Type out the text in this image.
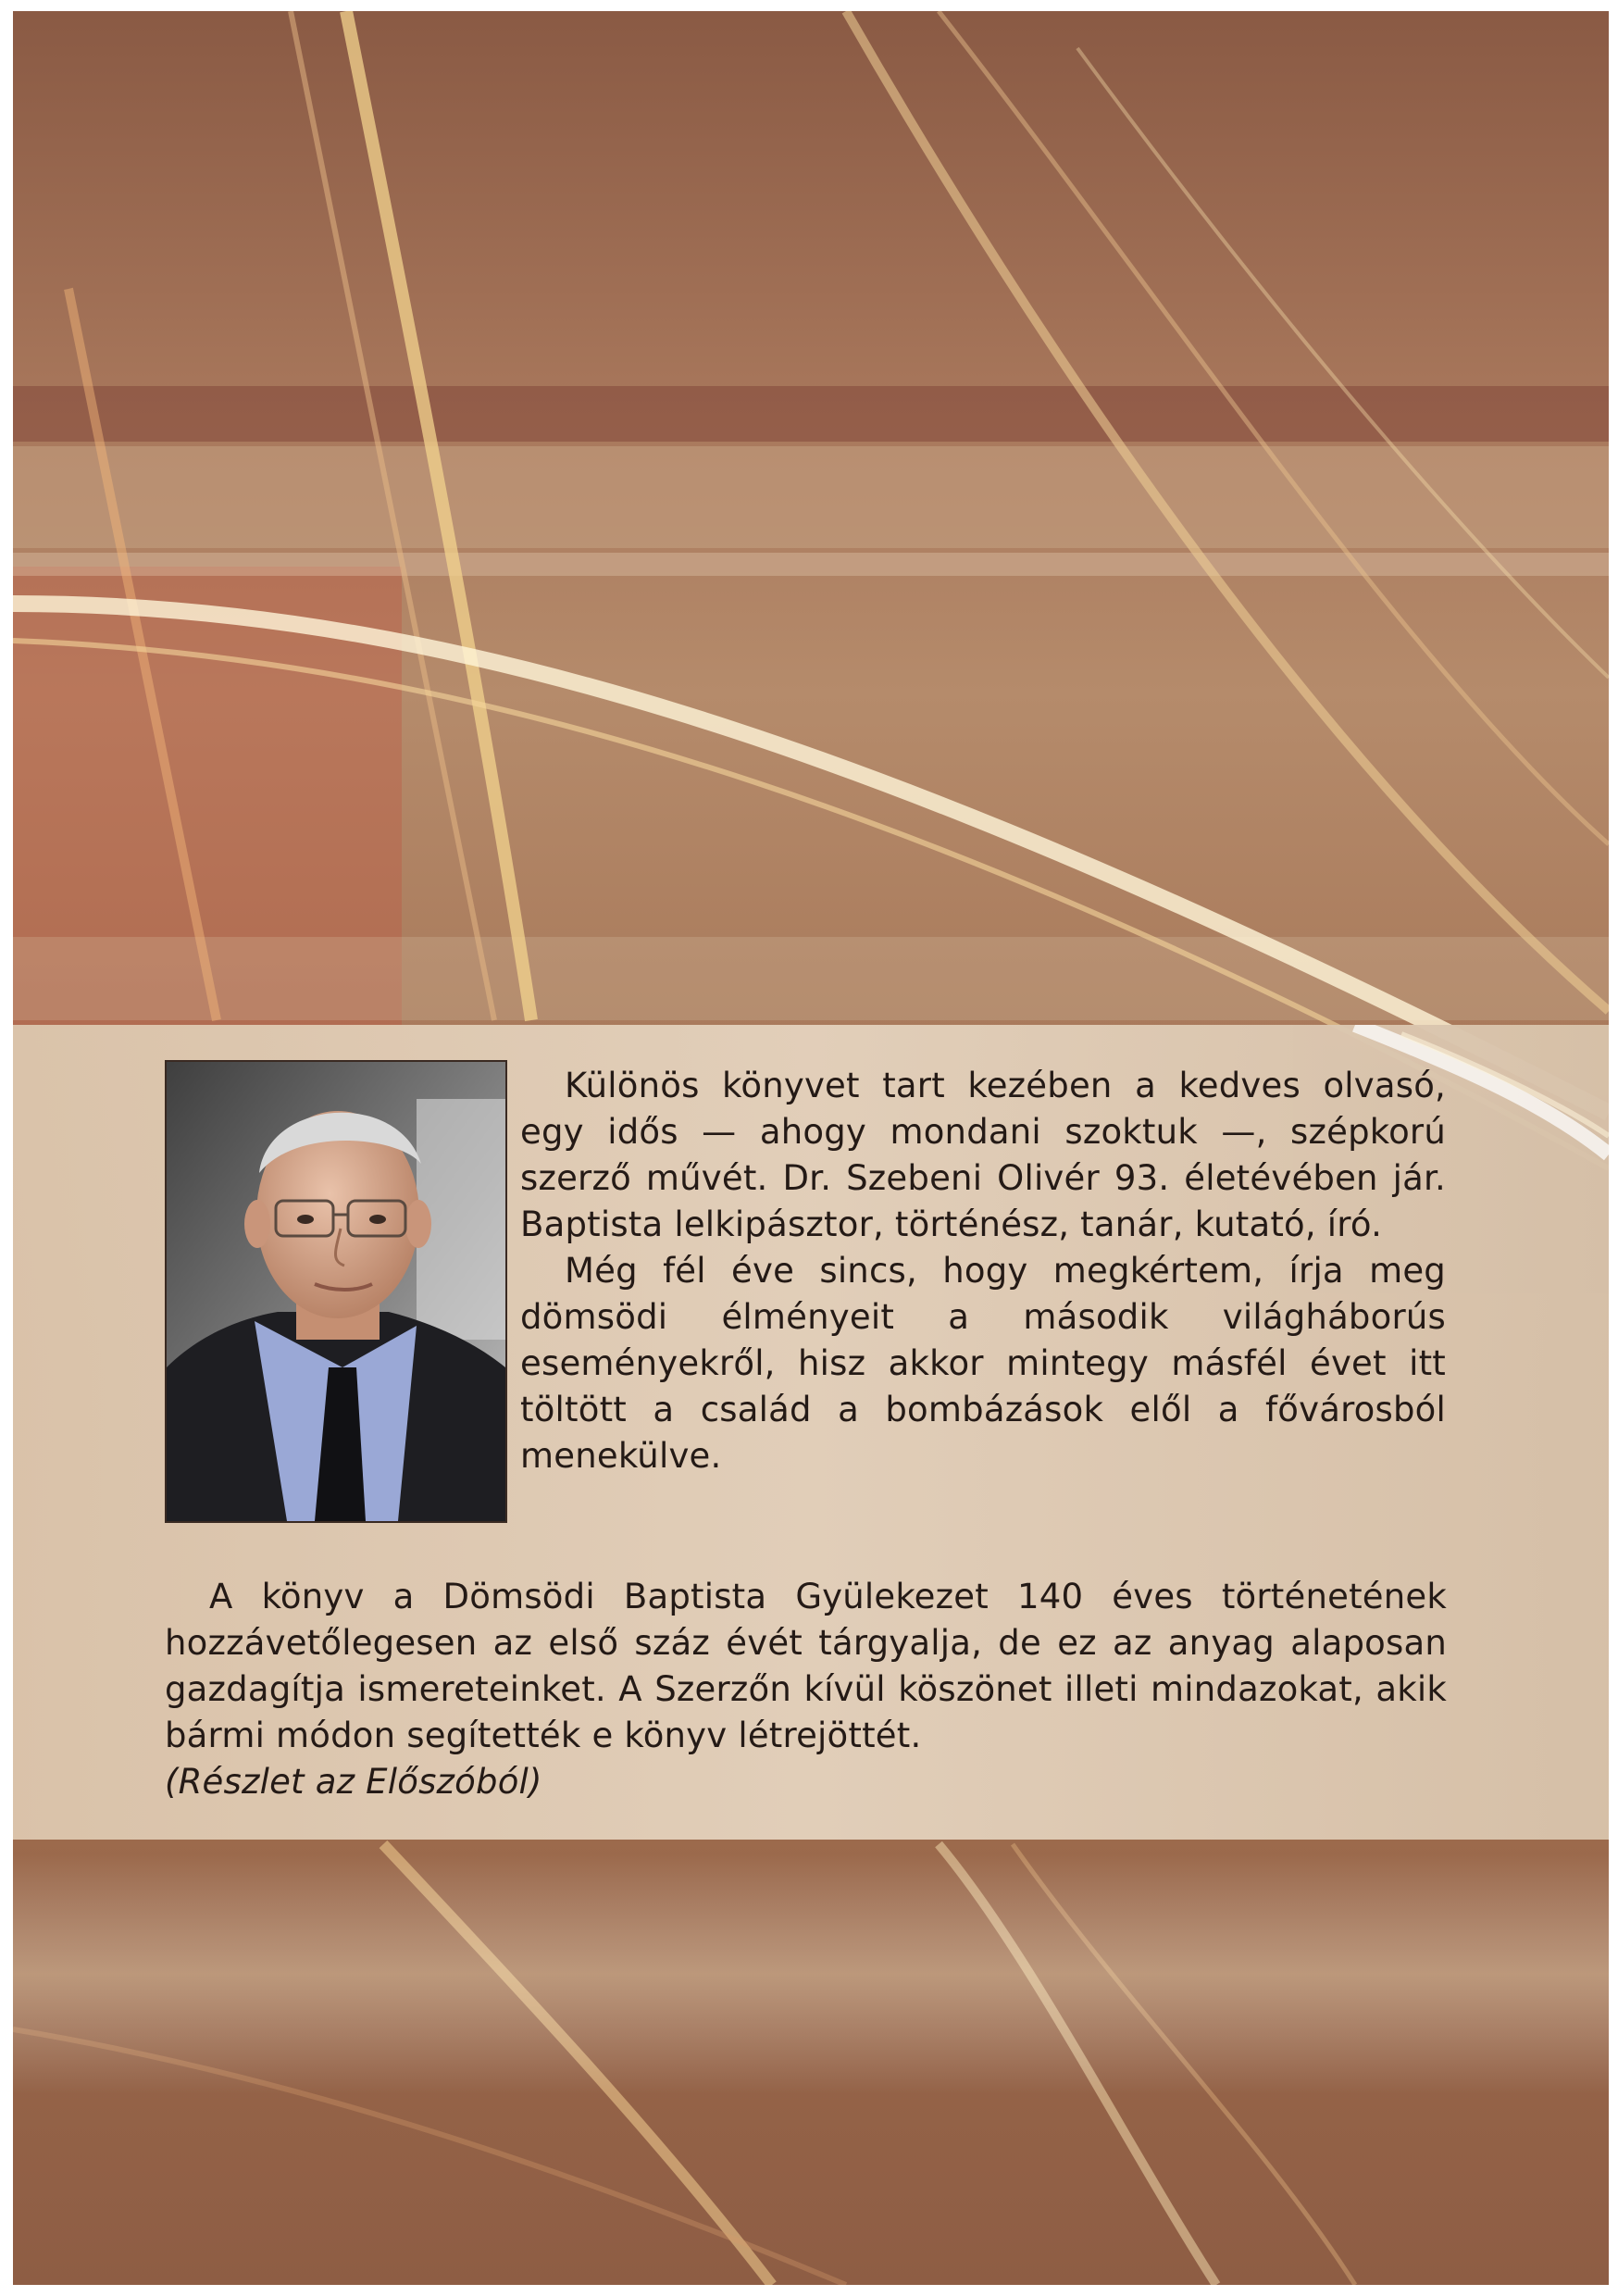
Különös könyvet tart kezében a kedves olvasó, egy idős — ahogy mondani szoktuk —, szépkorú szerző művét. Dr. Szebeni Olivér 93. életévében jár. Baptista lelkipásztor, történész, tanár, kutató, író.

Még fél éve sincs, hogy megkértem, írja meg dömsödi élményeit a második világháborús eseményekről, hisz akkor mintegy másfél évet itt töltött a család a bombázások elől a fővárosból menekülve.

A könyv a Dömsödi Baptista Gyülekezet 140 éves történetének hozzávetőlegesen az első száz évét tárgyalja, de ez az anyag alaposan gazdagítja ismereteinket. A Szerzőn kívül köszönet illeti mindazokat, akik bármi módon segítették e könyv létrejöttét.

(Részlet az Előszóból)
